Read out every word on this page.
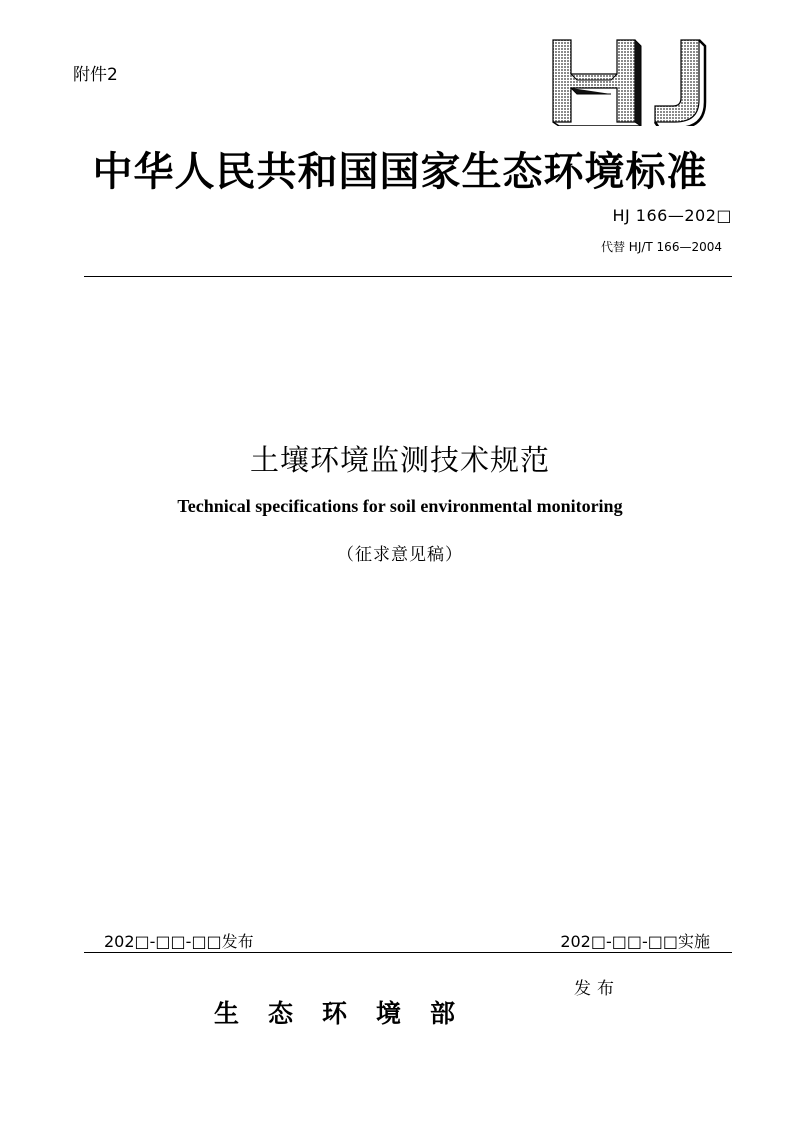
附件2
中华人民共和国国家生态环境标准
HJ 166—202□
代替 HJ/T 166—2004
土壤环境监测技术规范
Technical specifications for soil environmental monitoring
（征求意见稿）
202□-□□-□□发布	202□-□□-□□实施
发布
生态环境部
